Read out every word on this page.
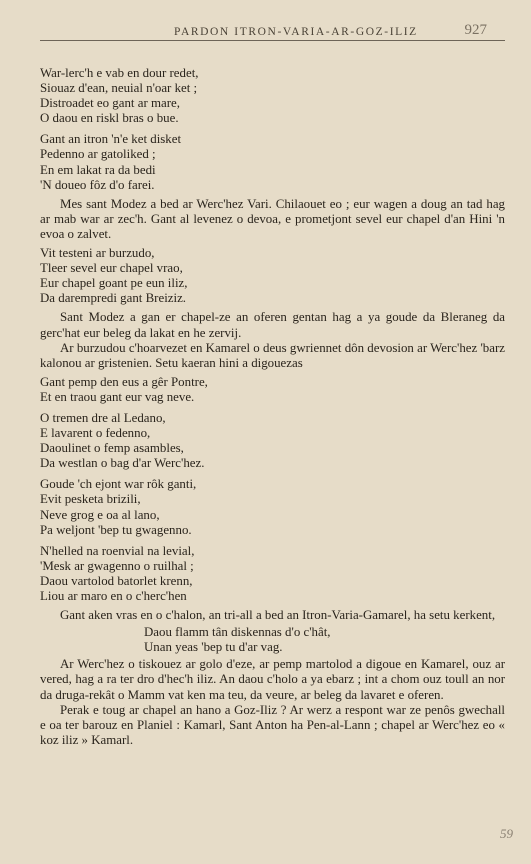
PARDON ITRON-VARIA-AR-GOZ-ILIZ	927
War-lerc'h e vab en dour redet,
Siouaz d'ean, neuial n'oar ket ;
Distroadet eo gant ar mare,
O daou en riskl bras o bue.
Gant an itron 'n'e ket disket
Pedenno ar gatoliked ;
En em lakat ra da bedi
'N doueo fôz d'o farei.

Mes sant Modez a bed ar Werc'hez Vari. Chilaouet eo ; eur wagen a doug an tad hag ar mab war ar zec'h. Gant al levenez o devoa, e prometjont sevel eur chapel d'an Hini 'n evoa o zalvet.

Vit testeni ar burzudo,
Tleer sevel eur chapel vrao,
Eur chapel goant pe eun iliz,
Da darempredi gant Breiziz.

Sant Modez a gan er chapel-ze an oferen gentan hag a ya goude da Bleraneg da gerc'hat eur beleg da lakat en he zervij.

Ar burzudou c'hoarvezet en Kamarel o deus gwriennet dôn devosion ar Werc'hez 'barz kalonou ar gristenien. Setu kaeran hini a digouezas

Gant pemp den eus a gêr Pontre,
Et en traou gant eur vag neve.
O tremen dre al Ledano,
E lavarent o fedenno,
Daoulinet o femp asambles,
Da westlan o bag d'ar Werc'hez.
Goude 'ch ejont war rôk ganti,
Evit pesketa brizili,
Neve grog e oa al lano,
Pa weljont 'bep tu gwagenno.
N'helled na roenvial na levial,
'Mesk ar gwagenno o ruilhal ;
Daou vartolod batorlet krenn,
Liou ar maro en o c'herc'hen

Gant aken vras en o c'halon, an tri-all a bed an Itron-Varia-Gamarel, ha setu kerkent,

Daou flamm tân diskennas d'o c'hât,
Unan yeas 'bep tu d'ar vag.

Ar Werc'hez o tiskouez ar golo d'eze, ar pemp martolod a digoue en Kamarel, ouz ar vered, hag a ra ter dro d'hec'h iliz. An daou c'holo a ya ebarz ; int a chom ouz toull an nor da druga-rekât o Mamm vat ken ma teu, da veure, ar beleg da lavaret e oferen.

Perak e toug ar chapel an hano a Goz-Iliz ? Ar werz a respont war ze penôs gwechall e oa ter barouz en Planiel : Kamarl, Sant Anton ha Pen-al-Lann ; chapel ar Werc'hez eo « koz iliz » Kamarl.

59
